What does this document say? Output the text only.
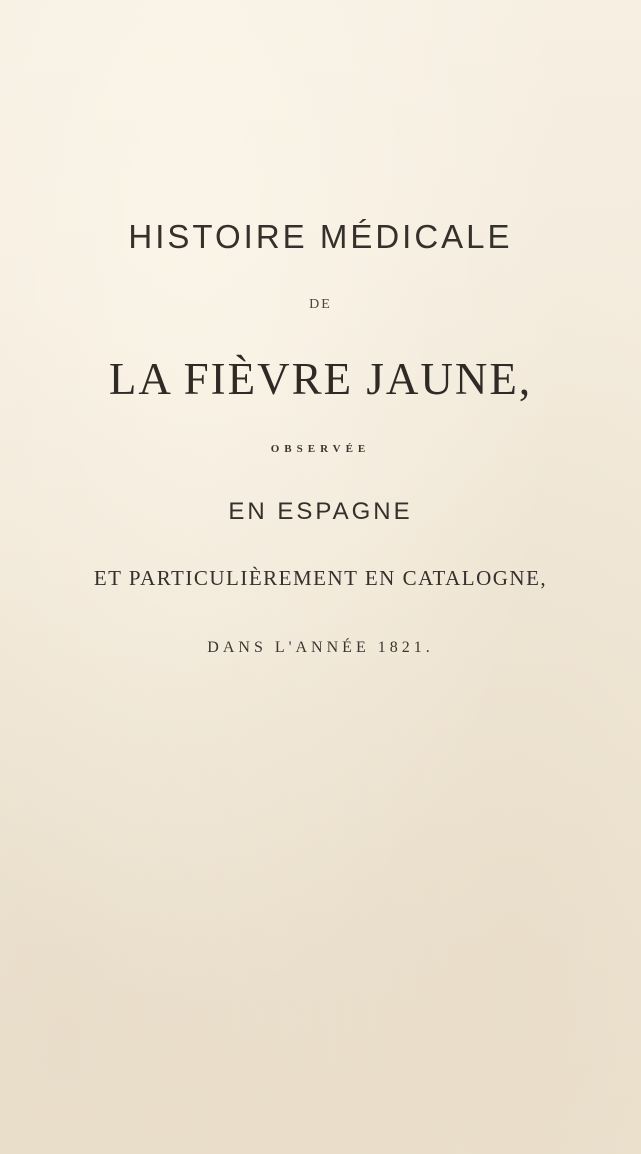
HISTOIRE MÉDICALE
DE
LA FIÈVRE JAUNE,
OBSERVÉE
EN ESPAGNE
ET PARTICULIÈREMENT EN CATALOGNE,
DANS L'ANNÉE 1821.
